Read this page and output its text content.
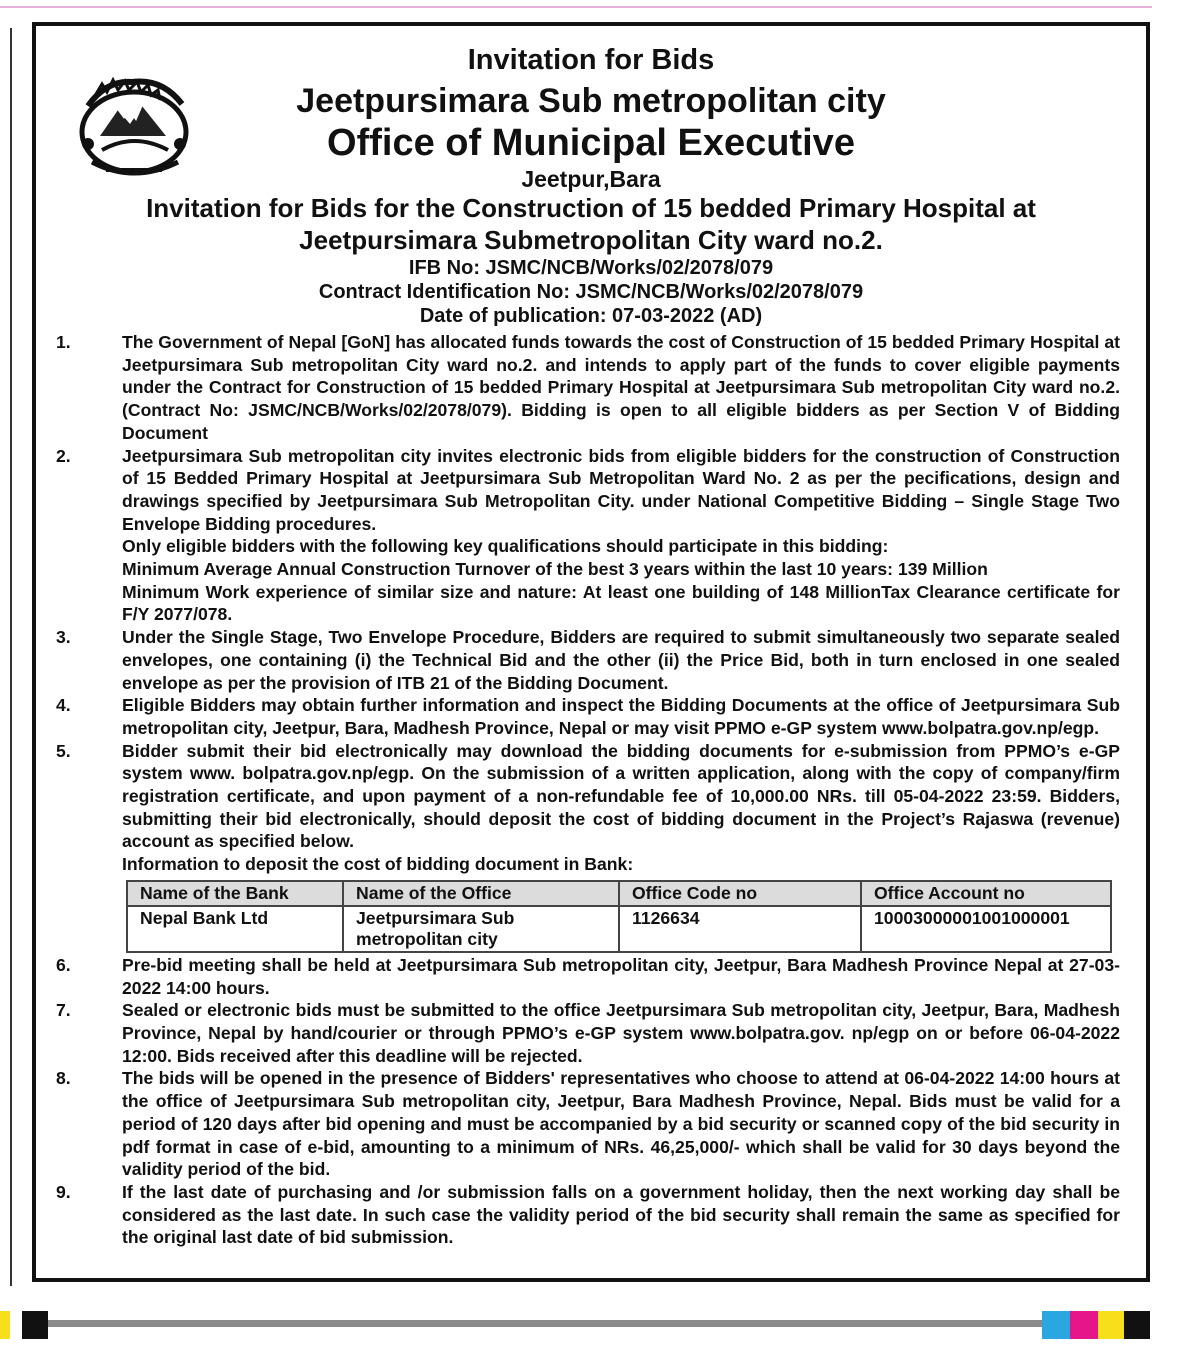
Invitation for Bids
Jeetpursimara Sub metropolitan city
Office of Municipal Executive
Jeetpur,Bara
Invitation for Bids for the Construction of 15 bedded Primary Hospital at
Jeetpursimara Submetropolitan City ward no.2.
IFB No: JSMC/NCB/Works/02/2078/079
Contract Identification No: JSMC/NCB/Works/02/2078/079
Date of publication: 07-03-2022 (AD)
1.	The Government of Nepal [GoN] has allocated funds towards the cost of Construction of 15 bedded Primary Hospital at Jeetpursimara Sub metropolitan City ward no.2. and intends to apply part of the funds to cover eligible payments under the Contract for Construction of 15 bedded Primary Hospital at Jeetpursimara Sub metropolitan City ward no.2. (Contract No: JSMC/NCB/Works/02/2078/079). Bidding is open to all eligible bidders as per Section V of Bidding Document

2.	Jeetpursimara Sub metropolitan city invites electronic bids from eligible bidders for the construction of Construction of 15 Bedded Primary Hospital at Jeetpursimara Sub Metropolitan Ward No. 2 as per the pecifications, design and drawings specified by Jeetpursimara Sub Metropolitan City. under National Competitive Bidding – Single Stage Two Envelope Bidding procedures.

Only eligible bidders with the following key qualifications should participate in this bidding:

Minimum Average Annual Construction Turnover of the best 3 years within the last 10 years: 139 Million

Minimum Work experience of similar size and nature: At least one building of 148 MillionTax Clearance certificate for F/Y 2077/078.

3.	Under the Single Stage, Two Envelope Procedure, Bidders are required to submit simultaneously two separate sealed envelopes, one containing (i) the Technical Bid and the other (ii) the Price Bid, both in turn enclosed in one sealed envelope as per the provision of ITB 21 of the Bidding Document.

4.	Eligible Bidders may obtain further information and inspect the Bidding Documents at the office of Jeetpursimara Sub metropolitan city, Jeetpur, Bara, Madhesh Province, Nepal or may visit PPMO e-GP system www.bolpatra.gov.np/egp.

5.	Bidder submit their bid electronically may download the bidding documents for e-submission from PPMO’s e-GP system www. bolpatra.gov.np/egp. On the submission of a written application, along with the copy of company/firm registration certificate, and upon payment of a non-refundable fee of 10,000.00 NRs. till 05-04-2022 23:59. Bidders, submitting their bid electronically, should deposit the cost of bidding document in the Project’s Rajaswa (revenue) account as specified below.

Information to deposit the cost of bidding document in Bank:

Name of the Bank	Name of the Office	Office Code no	Office Account no
Nepal Bank Ltd	Jeetpursimara Sub metropolitan city	1126634	10003000001001000001
6.	Pre-bid meeting shall be held at Jeetpursimara Sub metropolitan city, Jeetpur, Bara Madhesh Province Nepal at 27-03-2022 14:00 hours.

7.	Sealed or electronic bids must be submitted to the office Jeetpursimara Sub metropolitan city, Jeetpur, Bara, Madhesh Province, Nepal by hand/courier or through PPMO’s e-GP system www.bolpatra.gov. np/egp on or before 06-04-2022 12:00. Bids received after this deadline will be rejected.

8.	The bids will be opened in the presence of Bidders' representatives who choose to attend at 06-04-2022 14:00 hours at the office of Jeetpursimara Sub metropolitan city, Jeetpur, Bara Madhesh Province, Nepal. Bids must be valid for a period of 120 days after bid opening and must be accompanied by a bid security or scanned copy of the bid security in pdf format in case of e-bid, amounting to a minimum of NRs. 46,25,000/- which shall be valid for 30 days beyond the validity period of the bid.

9.	If the last date of purchasing and /or submission falls on a government holiday, then the next working day shall be considered as the last date. In such case the validity period of the bid security shall remain the same as specified for the original last date of bid submission.
